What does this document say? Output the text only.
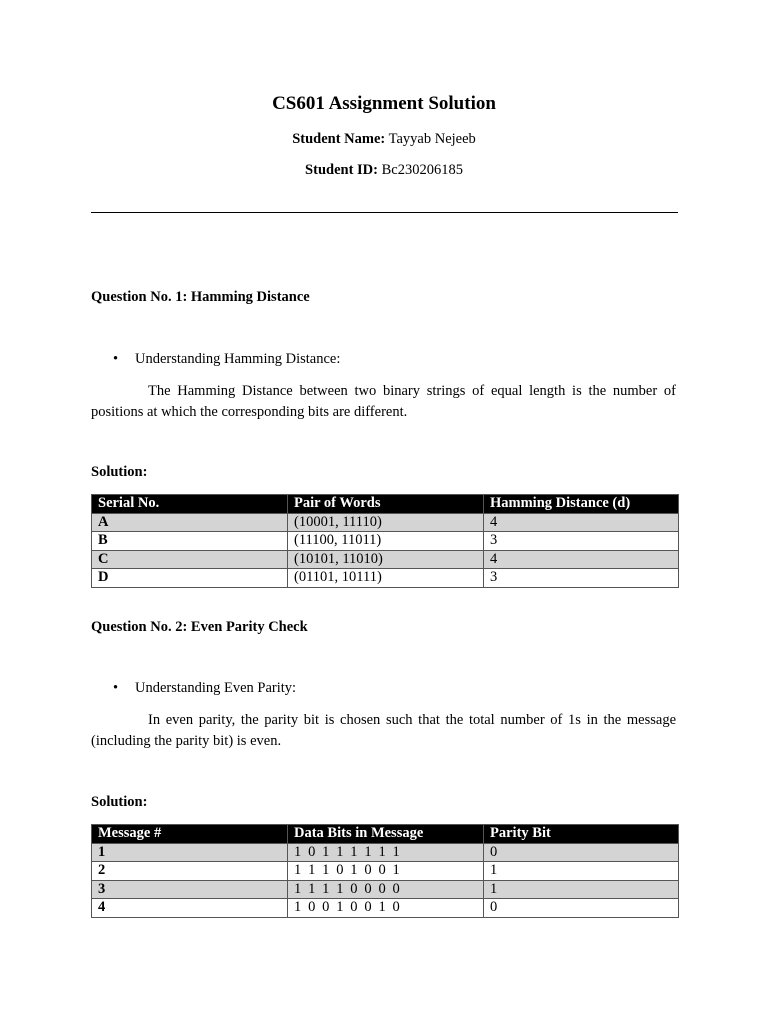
CS601 Assignment Solution
Student Name: Tayyab Nejeeb
Student ID: Bc230206185
Question No. 1: Hamming Distance
• Understanding Hamming Distance:
The Hamming Distance between two binary strings of equal length is the number of positions at which the corresponding bits are different.
Solution:
Serial No.	Pair of Words	Hamming Distance (d)
A	(10001, 11110)	4
B	(11100, 11011)	3
C	(10101, 11010)	4
D	(01101, 10111)	3
Question No. 2: Even Parity Check
• Understanding Even Parity:
In even parity, the parity bit is chosen such that the total number of 1s in the message (including the parity bit) is even.
Solution:
Message #	Data Bits in Message	Parity Bit
1	1 0 1 1 1 1 1 1	0
2	1 1 1 0 1 0 0 1	1
3	1 1 1 1 0 0 0 0	1
4	1 0 0 1 0 0 1 0	0
